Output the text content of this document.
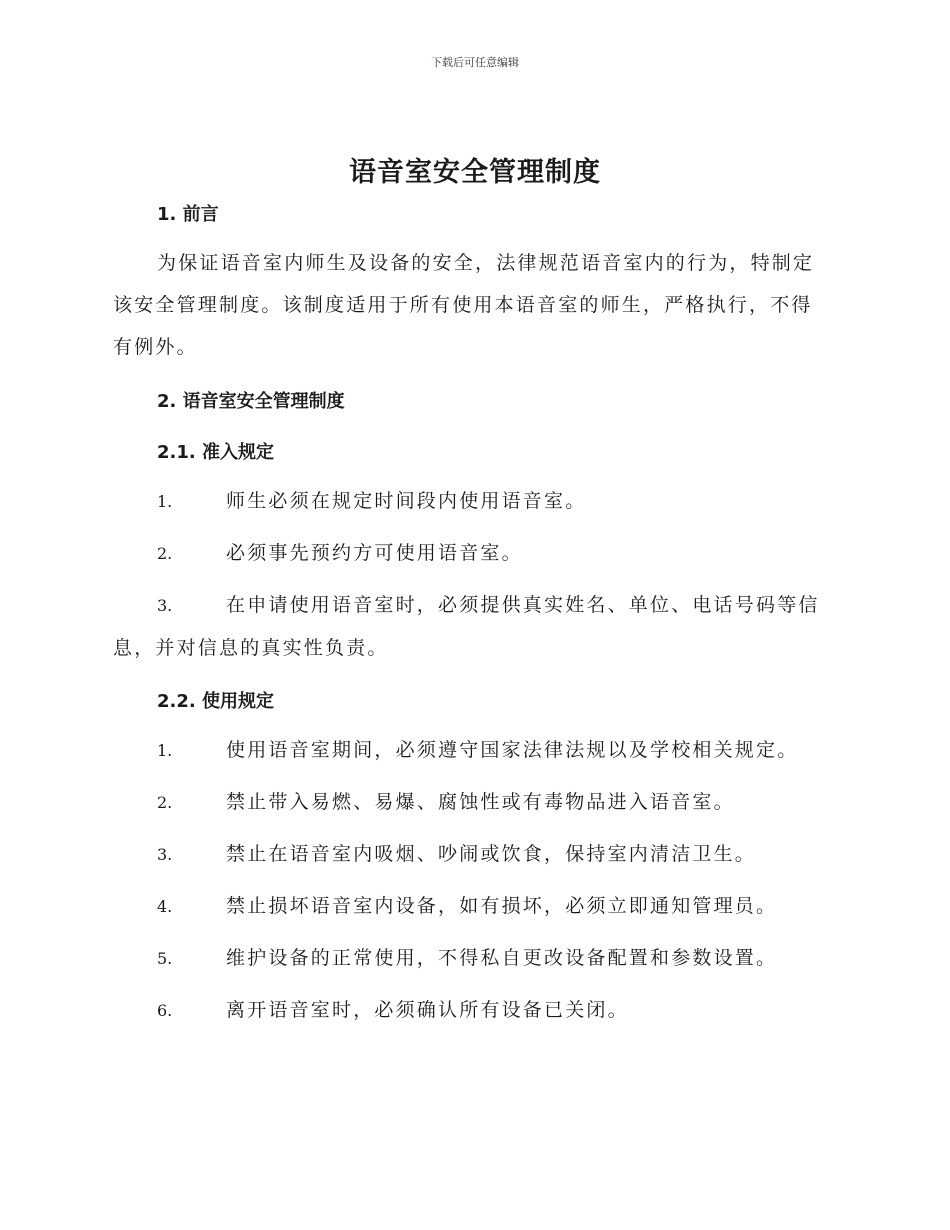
下载后可任意编辑
语音室安全管理制度
1. 前言

为保证语音室内师生及设备的安全，法律规范语音室内的行为，特制定该安全管理制度。该制度适用于所有使用本语音室的师生，严格执行，不得有例外。

2. 语音室安全管理制度
2.1. 准入规定

1.	师生必须在规定时间段内使用语音室。

2.	必须事先预约方可使用语音室。

3.	在申请使用语音室时，必须提供真实姓名、单位、电话号码等信息，并对信息的真实性负责。

2.2. 使用规定

1.	使用语音室期间，必须遵守国家法律法规以及学校相关规定。

2.	禁止带入易燃、易爆、腐蚀性或有毒物品进入语音室。

3.	禁止在语音室内吸烟、吵闹或饮食，保持室内清洁卫生。

4.	禁止损坏语音室内设备，如有损坏，必须立即通知管理员。

5.	维护设备的正常使用，不得私自更改设备配置和参数设置。

6.	离开语音室时，必须确认所有设备已关闭。
